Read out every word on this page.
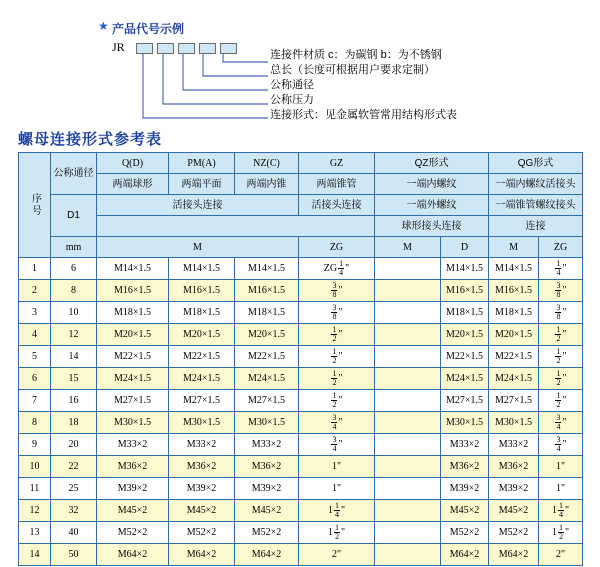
★ 产品代号示例
JR
连接件材质 c：为碳钢 b：为不锈钢
总长（长度可根据用户要求定制）
公称通径
公称压力
连接形式：见金属软管常用结构形式表
螺母连接形式参考表
序号	公称通径	Q(D)	PM(A)	NZ(C)	GZ	QZ形式		QG形式	
		两端球形	两端平面	两端内锥	两端锥管	一端内螺纹		一端内螺纹活接头	
	D1	活接头连接			活接头连接	一端外螺纹		一端锥管螺纹接头	
						球形接头连接		连接	
	mm	M			ZG	M	D	M	ZG
1	6	M14×1.5	M14×1.5	M14×1.5	ZG $\frac{1}{4}$ "		M14×1.5	M14×1.5	$\frac{1}{4}$ "
2	8	M16×1.5	M16×1.5	M16×1.5	$\frac{3}{8}$ "		M16×1.5	M16×1.5	$\frac{3}{8}$ "
3	10	M18×1.5	M18×1.5	M18×1.5	$\frac{3}{8}$ "		M18×1.5	M18×1.5	$\frac{3}{8}$ "
4	12	M20×1.5	M20×1.5	M20×1.5	$\frac{1}{2}$ "		M20×1.5	M20×1.5	$\frac{1}{2}$ "
5	14	M22×1.5	M22×1.5	M22×1.5	$\frac{1}{2}$ "		M22×1.5	M22×1.5	$\frac{1}{2}$ "
6	15	M24×1.5	M24×1.5	M24×1.5	$\frac{1}{2}$ "		M24×1.5	M24×1.5	$\frac{1}{2}$ "
7	16	M27×1.5	M27×1.5	M27×1.5	$\frac{1}{2}$ "		M27×1.5	M27×1.5	$\frac{1}{2}$ "
8	18	M30×1.5	M30×1.5	M30×1.5	$\frac{3}{4}$ "		M30×1.5	M30×1.5	$\frac{3}{4}$ "
9	20	M33×2	M33×2	M33×2	$\frac{3}{4}$ "		M33×2	M33×2	$\frac{3}{4}$ "
10	22	M36×2	M36×2	M36×2	1"		M36×2	M36×2	1"
11	25	M39×2	M39×2	M39×2	1"		M39×2	M39×2	1"
12	32	M45×2	M45×2	M45×2	$1 \frac{1}{4}$ "		M45×2	M45×2	$1 \frac{1}{4}$ "
13	40	M52×2	M52×2	M52×2	$1 \frac{1}{2}$ "		M52×2	M52×2	$1 \frac{1}{2}$ "
14	50	M64×2	M64×2	M64×2	2"		M64×2	M64×2	2"
